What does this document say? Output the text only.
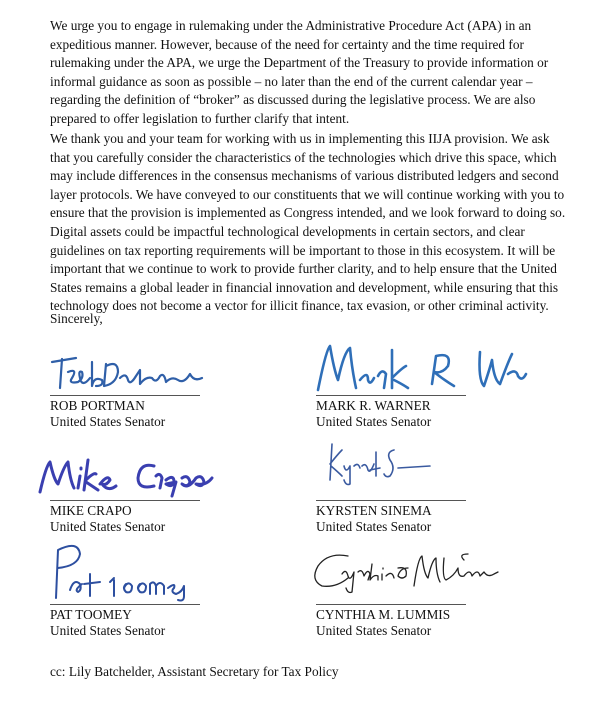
We urge you to engage in rulemaking under the Administrative Procedure Act (APA) in an
expeditious manner. However, because of the need for certainty and the time required for
rulemaking under the APA, we urge the Department of the Treasury to provide information or
informal guidance as soon as possible – no later than the end of the current calendar year –
regarding the definition of “broker” as discussed during the legislative process. We are also
prepared to offer legislation to further clarify that intent.

We thank you and your team for working with us in implementing this IIJA provision. We ask
that you carefully consider the characteristics of the technologies which drive this space, which
may include differences in the consensus mechanisms of various distributed ledgers and second
layer protocols. We have conveyed to our constituents that we will continue working with you to
ensure that the provision is implemented as Congress intended, and we look forward to doing so.

Digital assets could be impactful technological developments in certain sectors, and clear
guidelines on tax reporting requirements will be important to those in this ecosystem. It will be
important that we continue to work to provide further clarity, and to help ensure that the United
States remains a global leader in financial innovation and development, while ensuring that this
technology does not become a vector for illicit finance, tax evasion, or other criminal activity.

Sincerely,
ROB PORTMAN
United States Senator
MARK R. WARNER
United States Senator
MIKE CRAPO
United States Senator
KYRSTEN SINEMA
United States Senator
PAT TOOMEY
United States Senator
CYNTHIA M. LUMMIS
United States Senator
cc: Lily Batchelder, Assistant Secretary for Tax Policy
